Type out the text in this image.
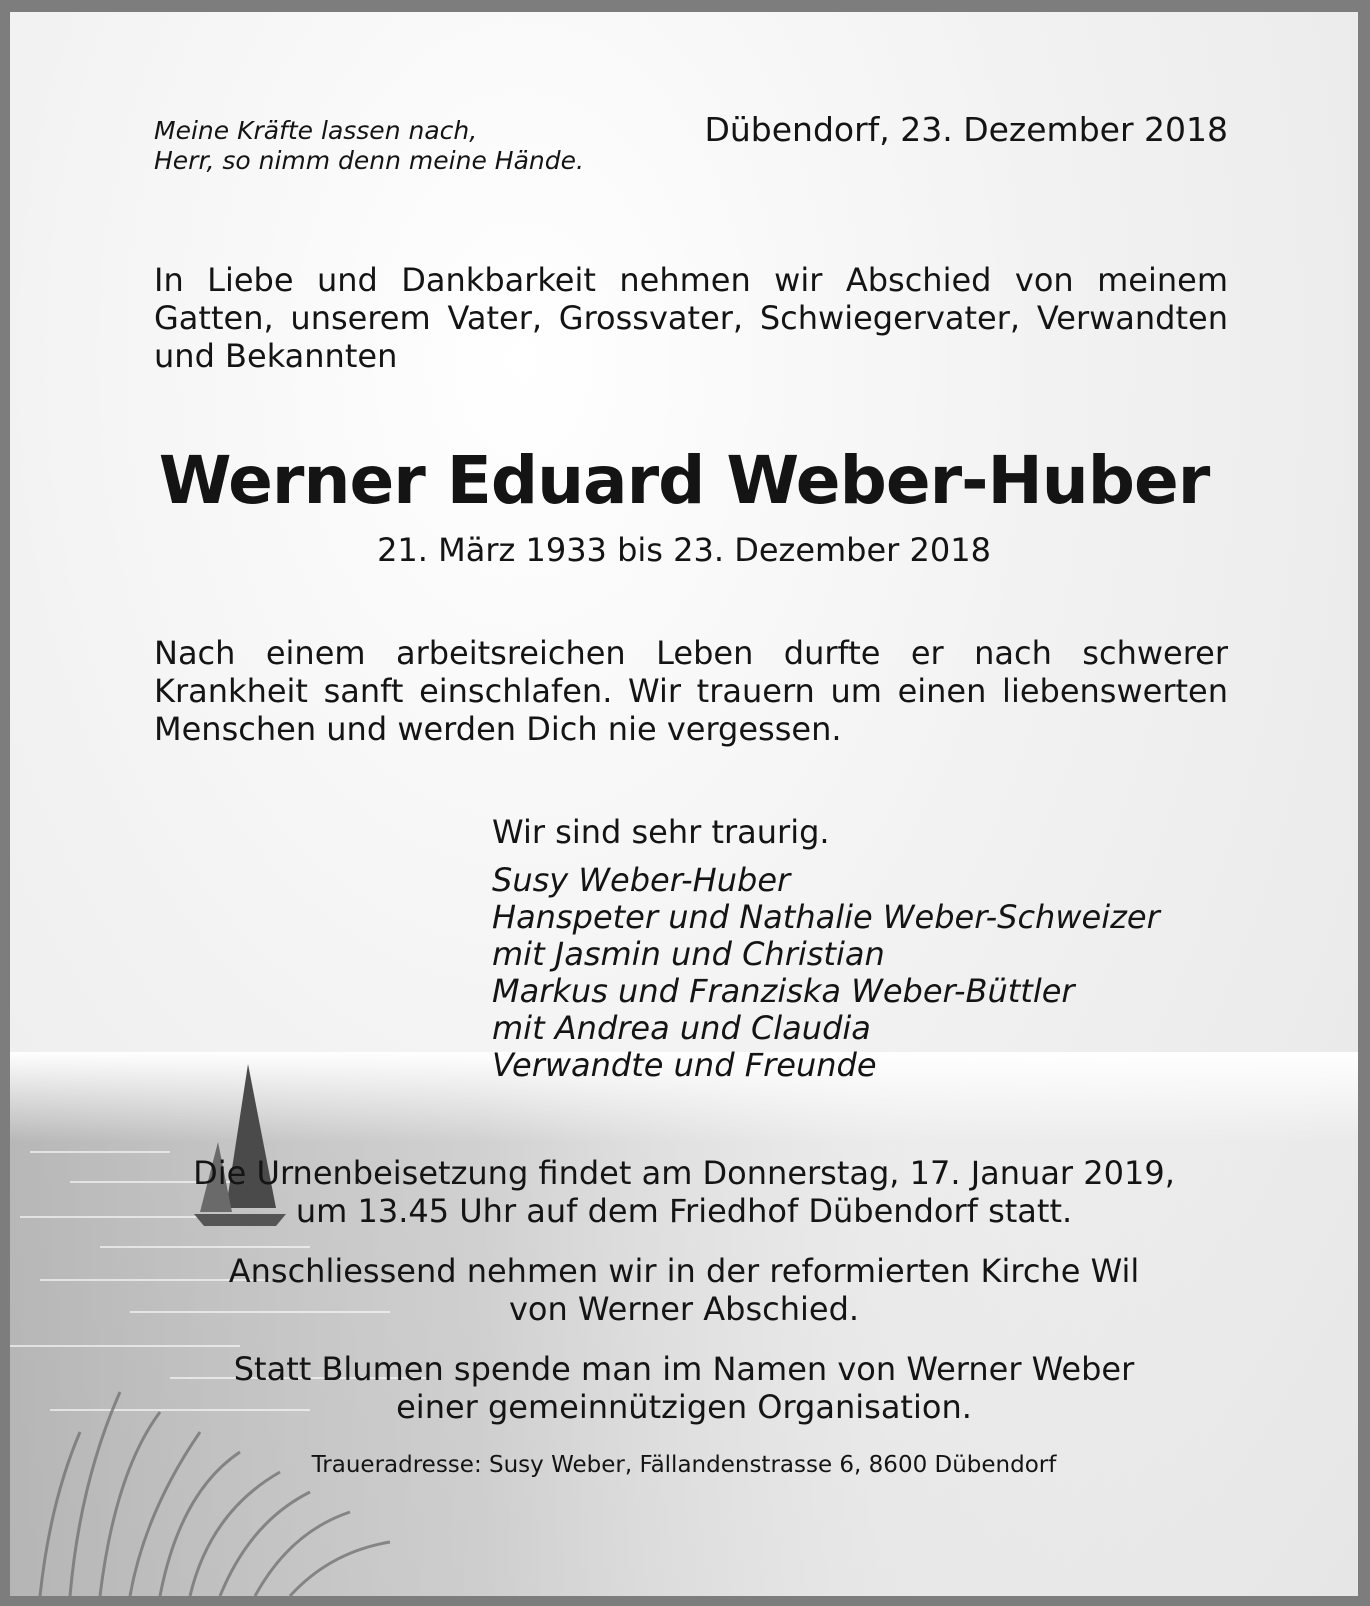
Meine Kräfte lassen nach,
Herr, so nimm denn meine Hände.
Dübendorf, 23. Dezember 2018

In Liebe und Dankbarkeit nehmen wir Abschied von meinem Gatten, unserem Vater, Grossvater, Schwiegervater, Verwandten und Bekannten

Werner Eduard Weber-Huber
21. März 1933 bis 23. Dezember 2018

Nach einem arbeitsreichen Leben durfte er nach schwerer Krankheit sanft einschlafen. Wir trauern um einen liebenswerten Menschen und werden Dich nie vergessen.

Wir sind sehr traurig.
Susy Weber-Huber
Hanspeter und Nathalie Weber-Schweizer
mit Jasmin und Christian
Markus und Franziska Weber-Büttler
mit Andrea und Claudia
Verwandte und Freunde
Die Urnenbeisetzung findet am Donnerstag, 17. Januar 2019,
um 13.45 Uhr auf dem Friedhof Dübendorf statt.
Anschliessend nehmen wir in der reformierten Kirche Wil
von Werner Abschied.
Statt Blumen spende man im Namen von Werner Weber
einer gemeinnützigen Organisation.
Traueradresse: Susy Weber, Fällandenstrasse 6, 8600 Dübendorf
